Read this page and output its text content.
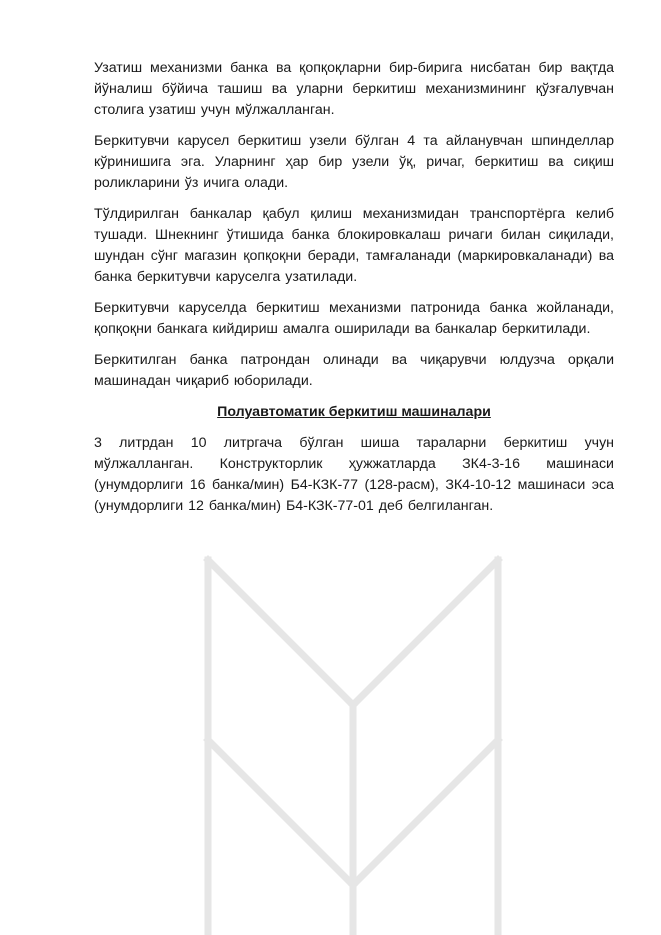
Узатиш механизми банка ва қопқоқларни бир-бирига нисбатан бир вақтда йўналиш бўйича ташиш ва уларни беркитиш механизмининг қўзғалувчан столига узатиш учун мўлжалланган.

Беркитувчи карусел беркитиш узели бўлган 4 та айланувчан шпинделлар кўринишига эга. Уларнинг ҳар бир узели ўқ, ричаг, беркитиш ва сиқиш роликларини ўз ичига олади.

Тўлдирилган банкалар қабул қилиш механизмидан транспортёрга келиб тушади. Шнекнинг ўтишида банка блокировкалаш ричаги билан сиқилади, шундан сўнг магазин қопқоқни беради, тамғаланади (маркировкаланади) ва банка беркитувчи каруселга узатилади.

Беркитувчи каруселда беркитиш механизми патронида банка жойланади, қопқоқни банкага кийдириш амалга оширилади ва банкалар беркитилади.

Беркитилган банка патрондан олинади ва чиқарувчи юлдузча орқали машинадан чиқариб юборилади.

Полуавтоматик беркитиш машиналари

3 литрдан 10 литргача бўлган шиша тараларни беркитиш учун мўлжалланган. Конструкторлик ҳужжатларда ЗК4-3-16 машинаси (унумдорлиги 16 банка/мин) Б4-КЗК-77 (128-расм), ЗК4-10-12 машинаси эса (унумдорлиги 12 банка/мин) Б4-КЗК-77-01 деб белгиланган.
